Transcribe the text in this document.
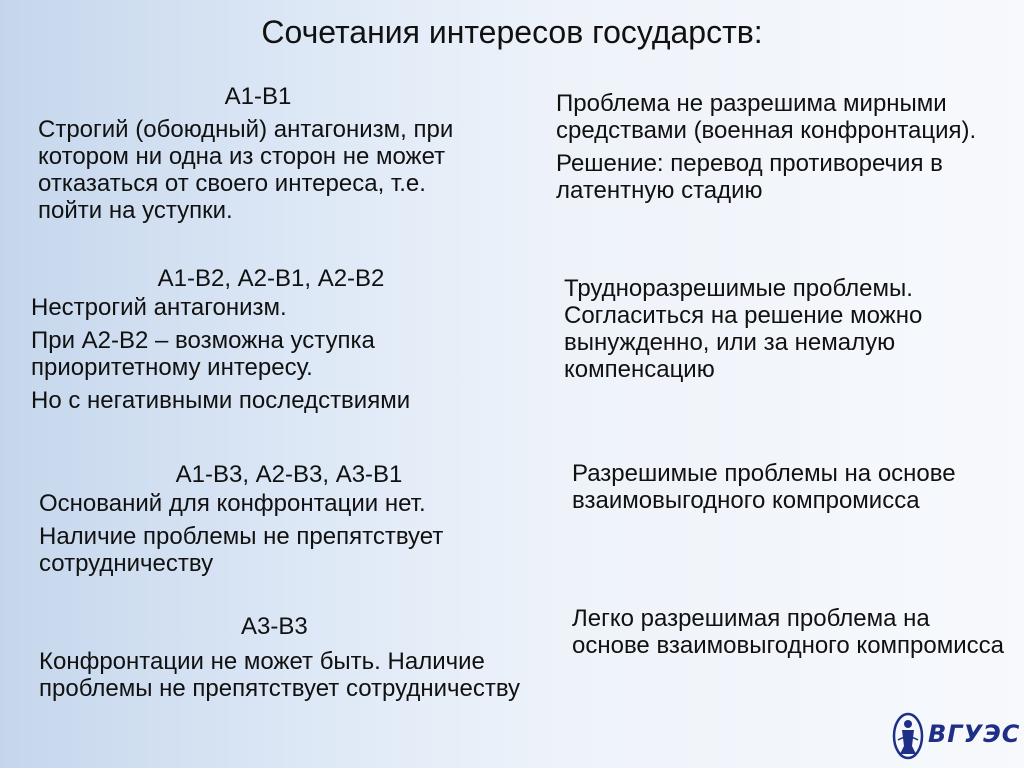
Сочетания интересов государств:

А1-В1

Строгий (обоюдный) антагонизм, при котором ни одна из сторон не может отказаться от своего интереса, т.е. пойти на уступки.

Проблема не разрешима мирными средствами (военная конфронтация).

Решение: перевод противоречия в латентную стадию

А1-В2, А2-В1, А2-В2

Нестрогий антагонизм.

При А2-В2 – возможна уступка приоритетному интересу.

Но с негативными последствиями

Трудноразрешимые проблемы. Согласиться на решение можно вынужденно, или за немалую компенсацию

А1-В3, А2-В3, А3-В1

Оснований для конфронтации нет.

Наличие проблемы не препятствует сотрудничеству

Разрешимые проблемы на основе взаимовыгодного компромисса

А3-В3

Конфронтации не может быть. Наличие проблемы не препятствует сотрудничеству

Легко разрешимая проблема на основе взаимовыгодного компромисса

ВГУЭС
